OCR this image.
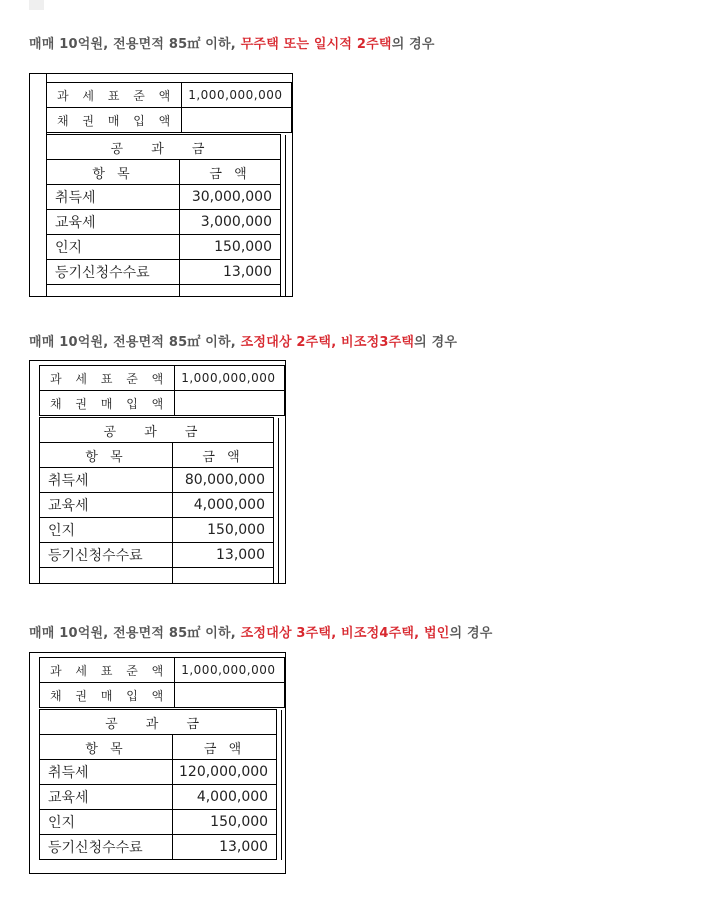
매매 10억원, 전용면적 85㎡ 이하, 무주택 또는 일시적 2주택의 경우
과 세 표 준 액	1,000,000,000
채 권 매 입 액	
공 과 금		
항 목	금 액	
취득세	30,000,000	
교육세	3,000,000	
인지	150,000	
등기신청수수료	13,000	

매매 10억원, 전용면적 85㎡ 이하, 조정대상 2주택, 비조정3주택의 경우
과 세 표 준 액	1,000,000,000
채 권 매 입 액	
공 과 금		
항 목	금 액	
취득세	80,000,000	
교육세	4,000,000	
인지	150,000	
등기신청수수료	13,000	

매매 10억원, 전용면적 85㎡ 이하, 조정대상 3주택, 비조정4주택, 법인의 경우
과 세 표 준 액	1,000,000,000
채 권 매 입 액	
공 과 금		
항 목	금 액	
취득세	120,000,000	
교육세	4,000,000	
인지	150,000	
등기신청수수료	13,000	
